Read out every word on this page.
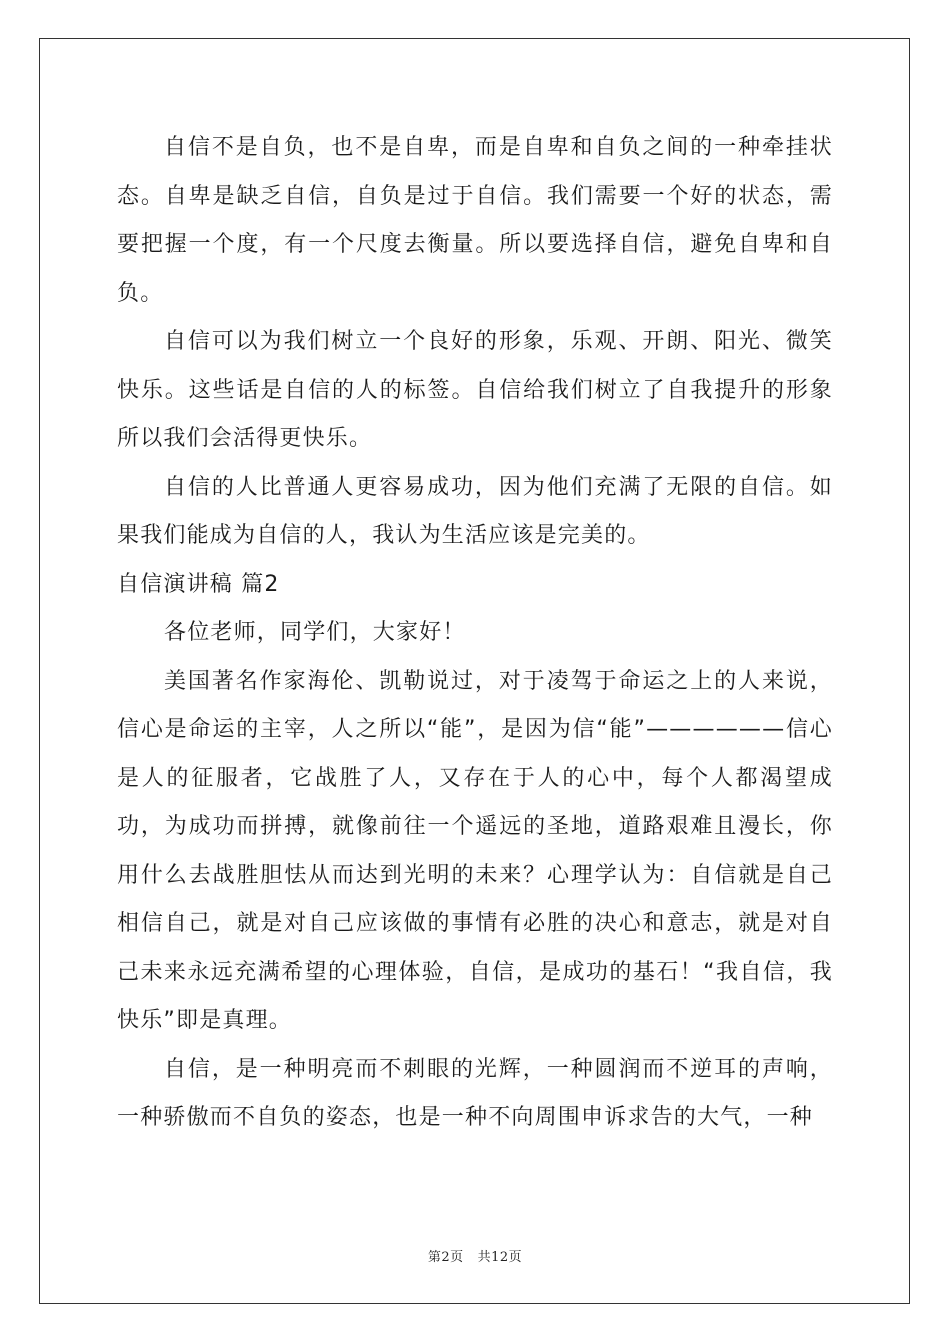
自信不是自负，也不是自卑，而是自卑和自负之间的一种牵挂状态。自卑是缺乏自信，自负是过于自信。我们需要一个好的状态，需要把握一个度，有一个尺度去衡量。所以要选择自信，避免自卑和自负。

自信可以为我们树立一个良好的形象，乐观、开朗、阳光、微笑快乐。这些话是自信的人的标签。自信给我们树立了自我提升的形象所以我们会活得更快乐。

自信的人比普通人更容易成功，因为他们充满了无限的自信。如果我们能成为自信的人，我认为生活应该是完美的。

自信演讲稿 篇2

各位老师，同学们，大家好！

美国著名作家海伦、凯勒说过，对于凌驾于命运之上的人来说，信心是命运的主宰，人之所以“能”，是因为信“能”——————信心是人的征服者，它战胜了人，又存在于人的心中，每个人都渴望成功，为成功而拼搏，就像前往一个遥远的圣地，道路艰难且漫长，你用什么去战胜胆怯从而达到光明的未来？心理学认为：自信就是自己相信自己，就是对自己应该做的事情有必胜的决心和意志，就是对自己未来永远充满希望的心理体验，自信，是成功的基石！“我自信，我快乐”即是真理。

自信，是一种明亮而不刺眼的光辉，一种圆润而不逆耳的声响，一种骄傲而不自负的姿态，也是一种不向周围申诉求告的大气，一种

第2页 共12页
